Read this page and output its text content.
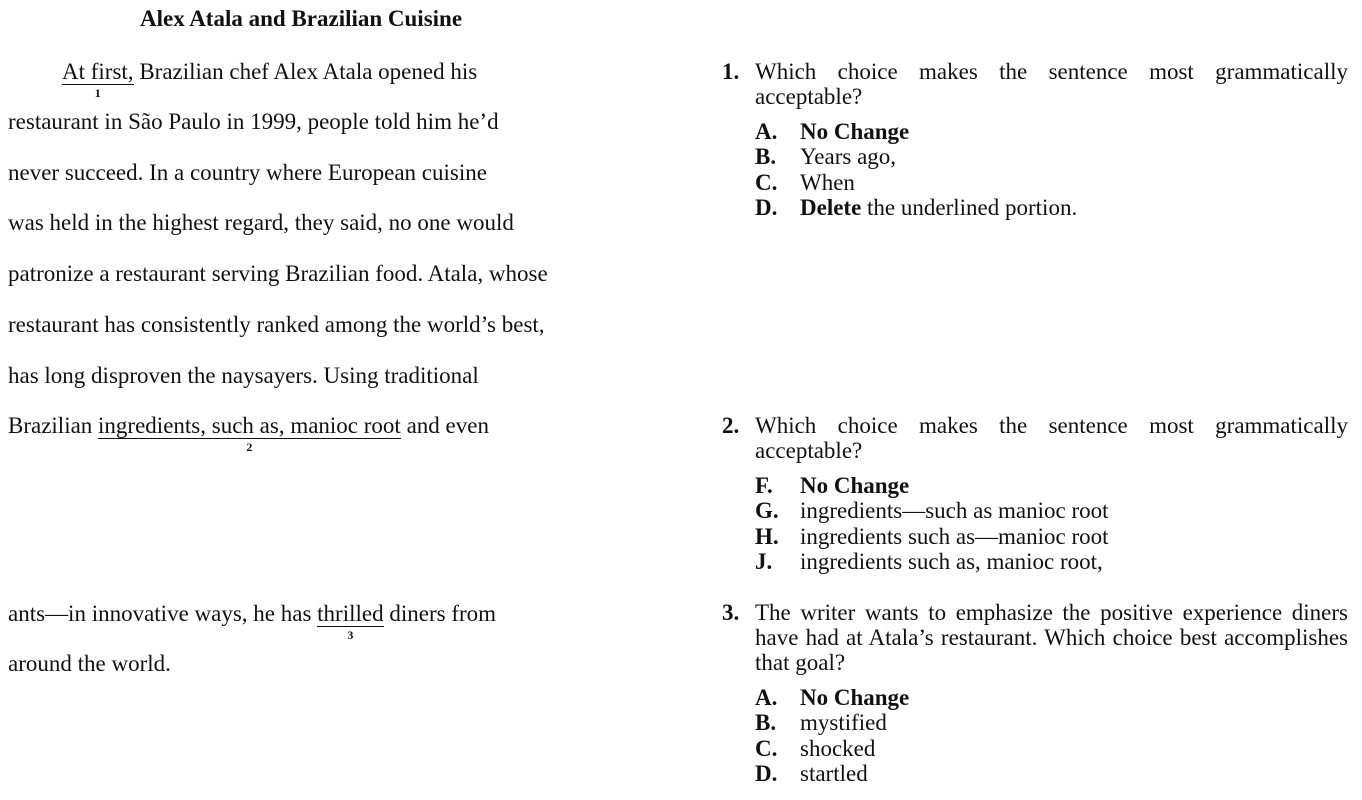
Alex Atala and Brazilian Cuisine
At first,
1
Brazilian chef Alex Atala opened his
restaurant in São Paulo in 1999, people told him he’d
never succeed. In a country where European cuisine
was held in the highest regard, they said, no one would
patronize a restaurant serving Brazilian food. Atala, whose
restaurant has consistently ranked among the world’s best,
has long disproven the naysayers. Using traditional
Brazilian ingredients, such as, manioc root
2
and even
ants—in innovative ways, he has thrilled
3
diners from
around the world.
1. Which choice makes the sentence most grammatically acceptable?
A. No Change
B.	Years ago,
C. When
D. Delete the underlined portion.
2. Which choice makes the sentence most grammatically acceptable?
F.	No Change
G. ingredients—such as manioc root
H. ingredients such as—manioc root
J.	ingredients such as, manioc root,
3. The writer wants to emphasize the positive experience diners have had at Atala’s restaurant. Which choice best accomplishes that goal?
A. No Change
B.	mystified
C. shocked
D. startled
